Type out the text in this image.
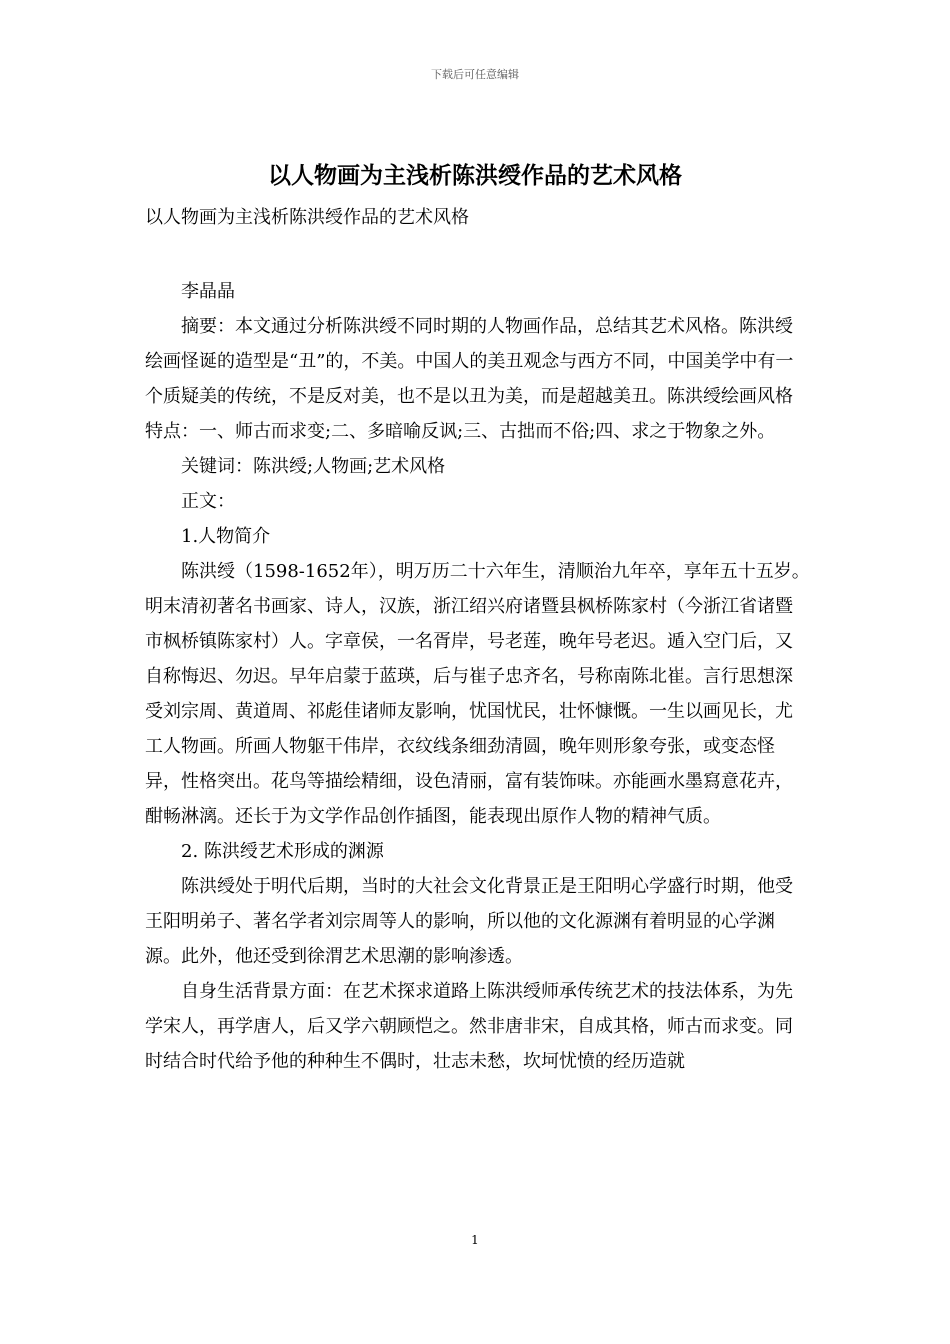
下载后可任意编辑
以人物画为主浅析陈洪绶作品的艺术风格

以人物画为主浅析陈洪绶作品的艺术风格

李晶晶

摘要：本文通过分析陈洪绶不同时期的人物画作品，总结其艺术风格。陈洪绶绘画怪诞的造型是“丑”的，不美。中国人的美丑观念与西方不同，中国美学中有一个质疑美的传统，不是反对美，也不是以丑为美，而是超越美丑。陈洪绶绘画风格特点：一、师古而求变;二、多暗喻反讽;三、古拙而不俗;四、求之于物象之外。

关键词：陈洪绶;人物画;艺术风格

正文：

1.人物简介

陈洪绶（1598-1652年），明万历二十六年生，清顺治九年卒，享年五十五岁。明末清初著名书画家、诗人，汉族，浙江绍兴府诸暨县枫桥陈家村（今浙江省诸暨市枫桥镇陈家村）人。字章侯，一名胥岸，号老莲，晚年号老迟。遁入空门后，又自称悔迟、勿迟。早年启蒙于蓝瑛，后与崔子忠齐名，号称南陈北崔。言行思想深受刘宗周、黄道周、祁彪佳诸师友影响，忧国忧民，壮怀慷慨。一生以画见长，尤工人物画。所画人物躯干伟岸，衣纹线条细劲清圆，晚年则形象夸张，或变态怪异，性格突出。花鸟等描绘精细，设色清丽，富有装饰味。亦能画水墨寫意花卉，酣畅淋漓。还长于为文学作品创作插图，能表现出原作人物的精神气质。

2. 陈洪绶艺术形成的渊源

陈洪绶处于明代后期，当时的大社会文化背景正是王阳明心学盛行时期，他受王阳明弟子、著名学者刘宗周等人的影响，所以他的文化源渊有着明显的心学渊源。此外，他还受到徐渭艺术思潮的影响渗透。

自身生活背景方面：在艺术探求道路上陈洪绶师承传统艺术的技法体系，为先学宋人，再学唐人，后又学六朝顾恺之。然非唐非宋，自成其格，师古而求变。同时结合时代给予他的种种生不偶时，壮志未愁，坎坷忧愤的经历造就

1
